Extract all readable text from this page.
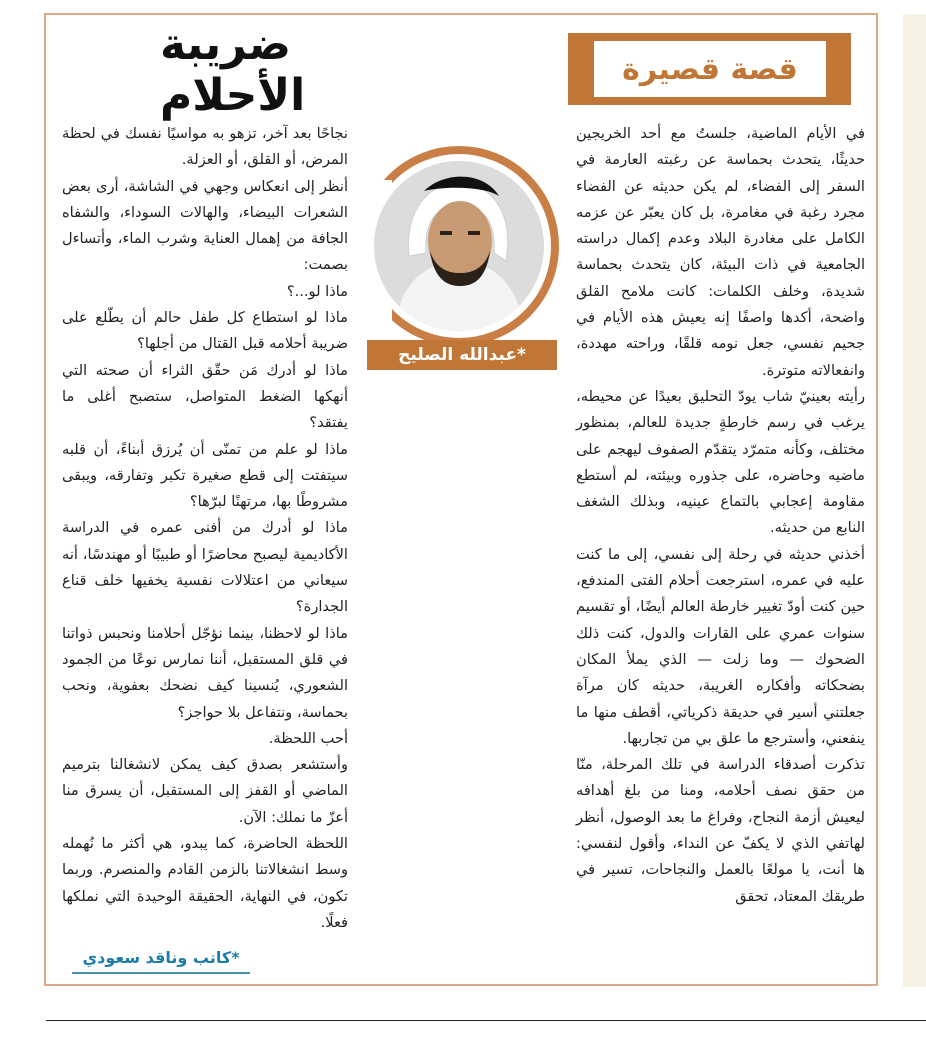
قصة قصيرة
ضريبة الأحلام

في الأيام الماضية، جلستُ مع أحد الخريجين حديثًا، يتحدث بحماسة عن رغبته العارمة في السفر إلى الفضاء، لم يكن حديثه عن الفضاء مجرد رغبة في مغامرة، بل كان يعبّر عن عزمه الكامل على مغادرة البلاد وعدم إكمال دراسته الجامعية في ذات البيئة، كان يتحدث بحماسة شديدة، وخلف الكلمات: كانت ملامح القلق واضحة، أكدها واصفًا إنه يعيش هذه الأيام في جحيم نفسي، جعل نومه قلقًا، وراحته مهددة، وانفعالاته متوترة.

رأيته بعينيّ شاب يودّ التحليق بعيدًا عن محيطه، يرغب في رسم خارطةٍ جديدة للعالم، بمنظور مختلف، وكأنه متمرّد يتقدّم الصفوف ليهجم على ماضيه وحاضره، على جذوره وبيئته، لم أستطع مقاومة إعجابي بالتماع عينيه، وبذلك الشغف النابع من حديثه.

أخذني حديثه في رحلة إلى نفسي، إلى ما كنت عليه في عمره، استرجعت أحلام الفتى المندفع، حين كنت أودّ تغيير خارطة العالم أيضًا، أو تقسيم سنوات عمري على القارات والدول، كنت ذلك الضحوك — وما زلت — الذي يملأ المكان بضحكاته وأفكاره الغريبة، حديثه كان مرآة جعلتني أسير في حديقة ذكرياتي، أقطف منها ما ينفعني، وأسترجع ما علق بي من تجاربها.

تذكرت أصدقاء الدراسة في تلك المرحلة، منّا من حقق نصف أحلامه، ومنا من بلغ أهدافه ليعيش أزمة النجاح، وفراغ ما بعد الوصول، أنظر لهاتفي الذي لا يكفّ عن النداء، وأقول لنفسي: ها أنت، يا مولعًا بالعمل والنجاحات، تسير في طريقك المعتاد، تحقق

نجاحًا بعد آخر، تزهو به مواسيًا نفسك في لحظة المرض، أو القلق، أو العزلة.

أنظر إلى انعكاس وجهي في الشاشة، أرى بعض الشعرات البيضاء، والهالات السوداء، والشفاه الجافة من إهمال العناية وشرب الماء، وأتساءل بصمت:

ماذا لو...؟

ماذا لو استطاع كل طفل حالم أن يطّلع على ضريبة أحلامه قبل القتال من أجلها؟

ماذا لو أدرك مَن حقّق الثراء أن صحته التي أنهكها الضغط المتواصل، ستصبح أغلى ما يفتقد؟

ماذا لو علم من تمنّى أن يُرزق أبناءً، أن قلبه سيتفتت إلى قطع صغيرة تكبر وتفارقه، ويبقى مشروطًا بها، مرتهنًا لبرّها؟

ماذا لو أدرك من أفنى عمره في الدراسة الأكاديمية ليصبح محاضرًا أو طبيبًا أو مهندسًا، أنه سيعاني من اعتلالات نفسية يخفيها خلف قناع الجدارة؟

ماذا لو لاحظنا، بينما نؤجّل أحلامنا ونحبس ذواتنا في قلق المستقبل، أننا نمارس نوعًا من الجمود الشعوري، يُنسينا كيف نضحك بعفوية، ونحب بحماسة، ونتفاعل بلا حواجز؟

أحب اللحظة.

وأستشعر بصدق كيف يمكن لانشغالنا بترميم الماضي أو القفز إلى المستقبل، أن يسرق منا أعزّ ما نملك: الآن.

اللحظة الحاضرة، كما يبدو، هي أكثر ما نُهمله وسط انشغالاتنا بالزمن القادم والمنصرم. وربما تكون، في النهاية، الحقيقة الوحيدة التي نملكها فعلًا.

عبدالله الصليح*
*كاتب وناقد سعودي
